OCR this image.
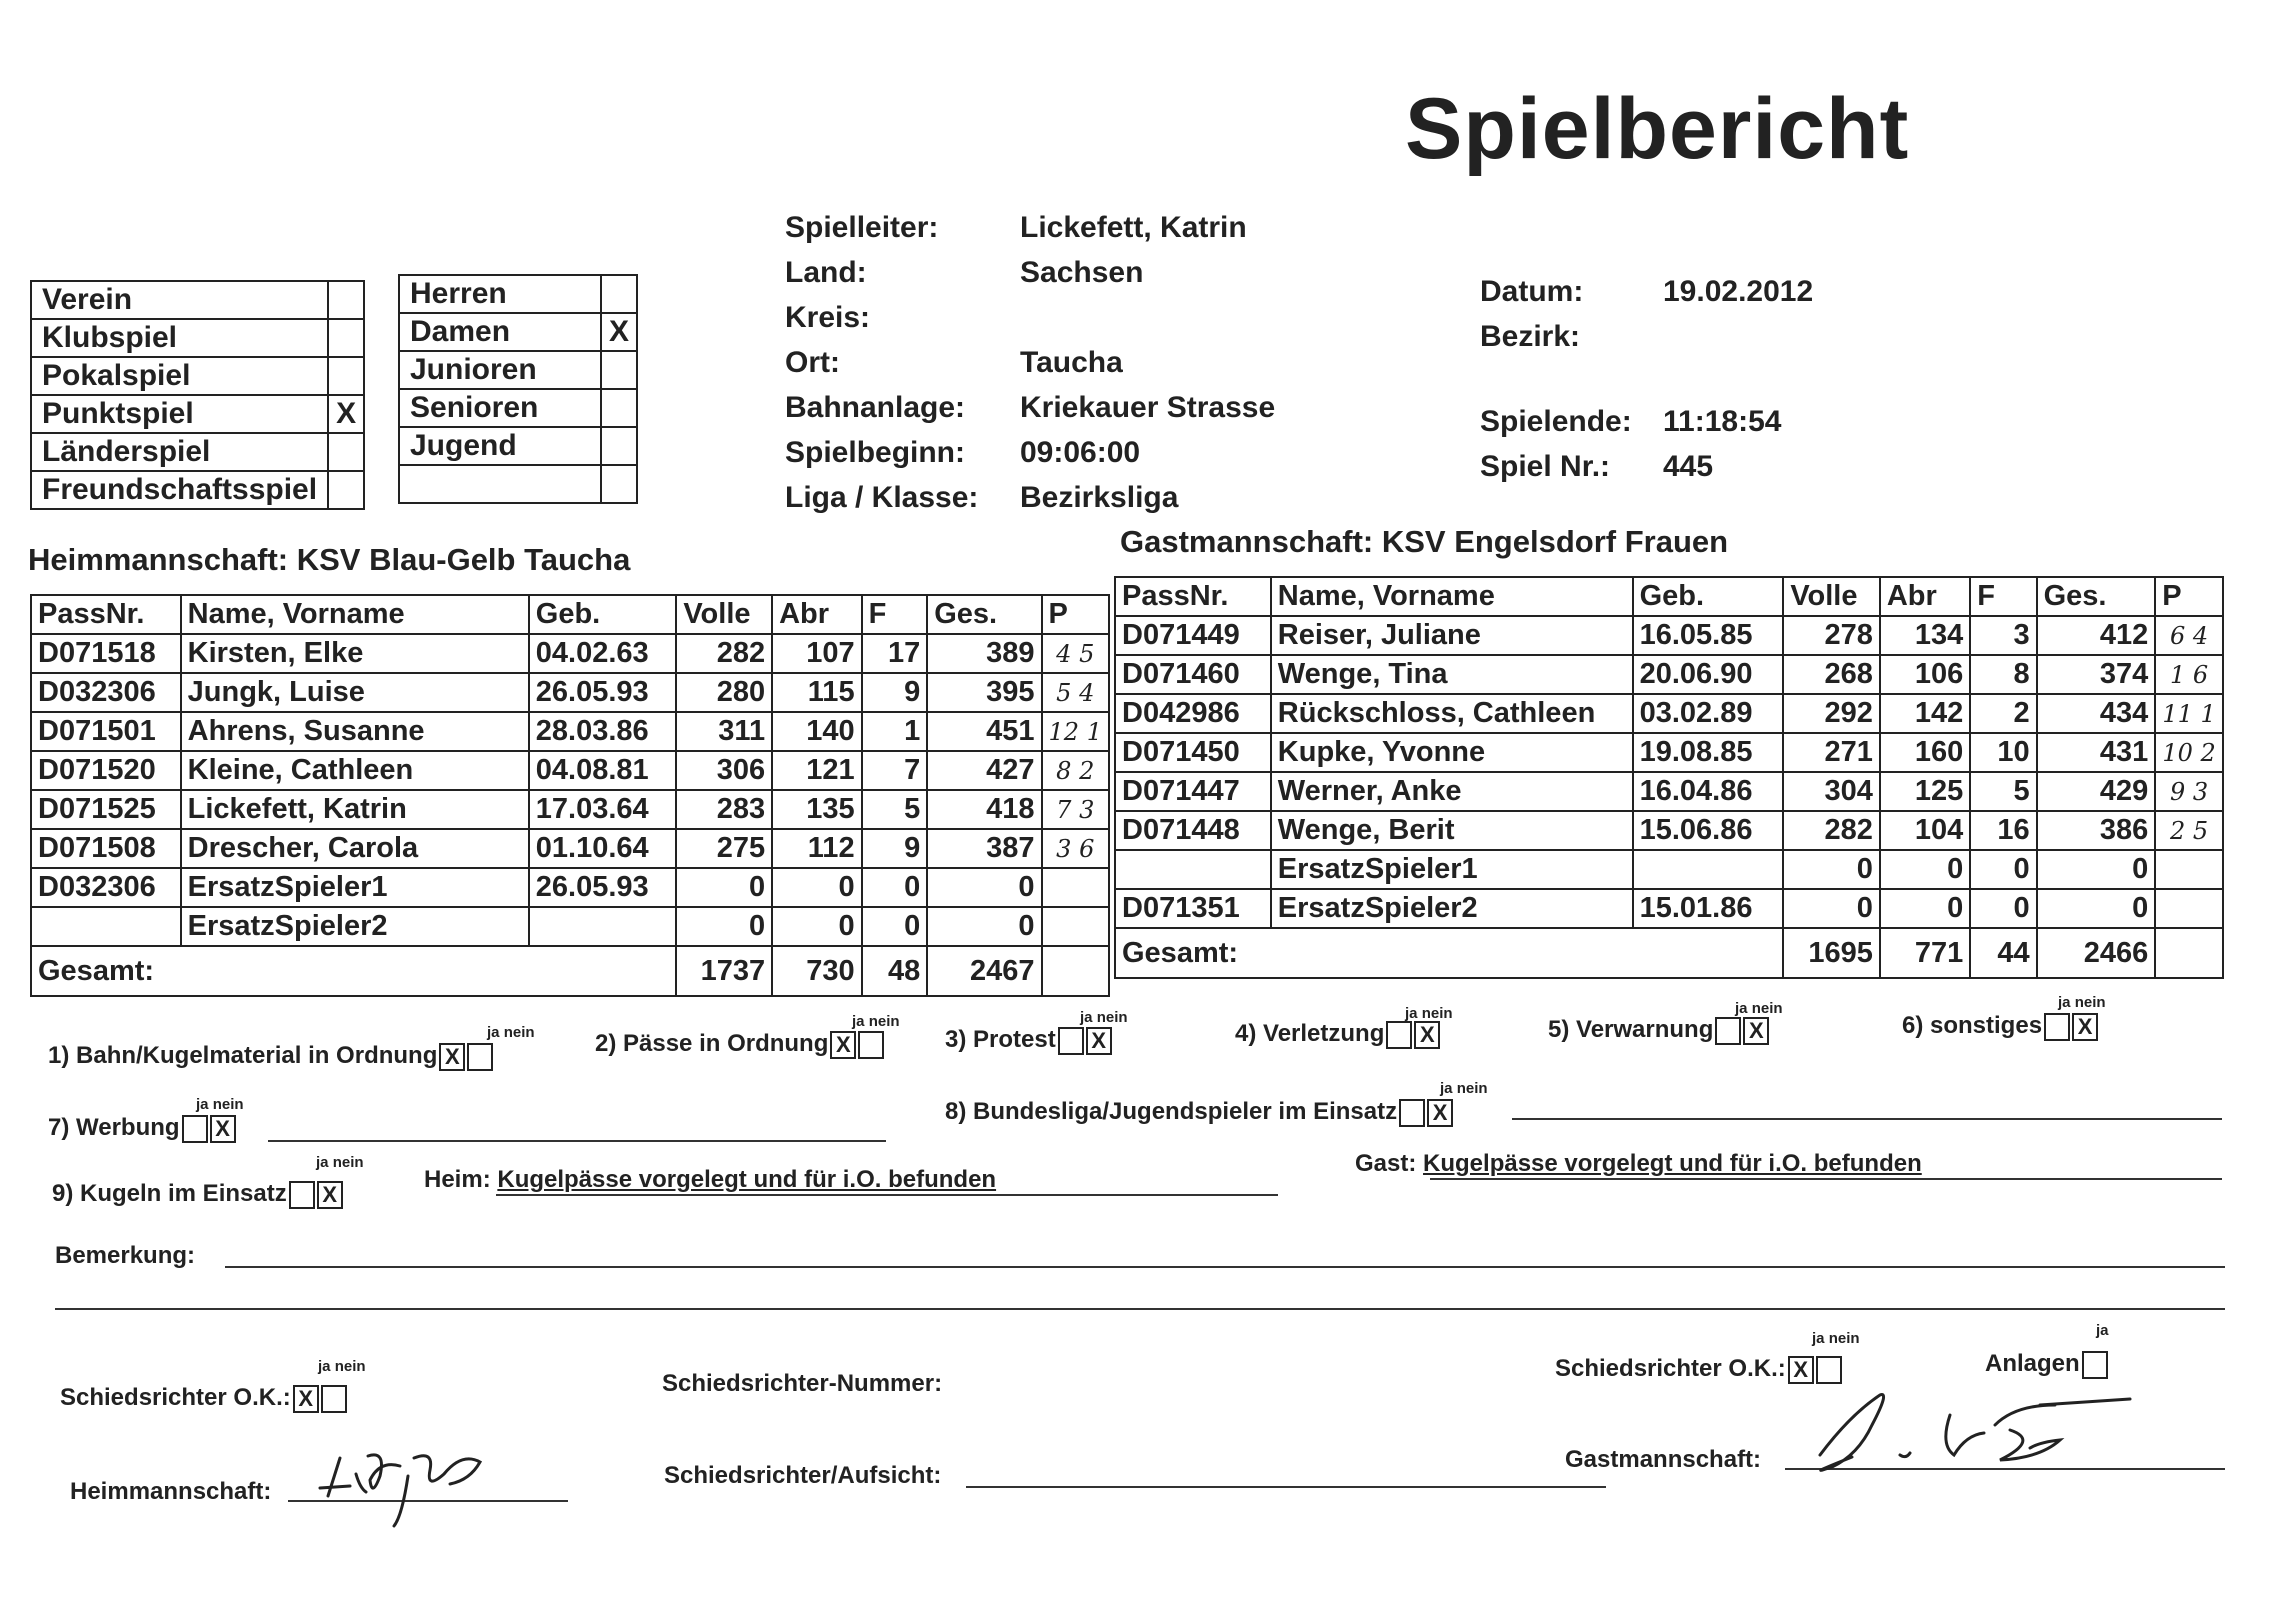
Spielbericht
Verein	
Klubspiel	
Pokalspiel	
Punktspiel	X
Länderspiel	
Freundschaftsspiel	
Herren	
Damen	X
Junioren	
Senioren	
Jugend	

Spielleiter:	Lickefett, Katrin
Land:	Sachsen
Kreis:
Ort:	Taucha
Bahnanlage: Kriekauer Strasse
Spielbeginn: 09:06:00
Liga / Klasse: Bezirksliga
Datum:	19.02.2012
Bezirk:
Spielende: 11:18:54
Spiel Nr.: 445
Heimmannschaft: KSV Blau-Gelb Taucha
Gastmannschaft: KSV Engelsdorf Frauen
PassNr.	Name, Vorname	Geb.	Volle	Abr	F	Ges.	P
D071518	Kirsten, Elke	04.02.63	282	107	17	389	4 5
D032306	Jungk, Luise	26.05.93	280	115	9	395	5 4
D071501	Ahrens, Susanne	28.03.86	311	140	1	451	12 1
D071520	Kleine, Cathleen	04.08.81	306	121	7	427	8 2
D071525	Lickefett, Katrin	17.03.64	283	135	5	418	7 3
D071508	Drescher, Carola	01.10.64	275	112	9	387	3 6
D032306	ErsatzSpieler1	26.05.93	0	0	0	0	
	ErsatzSpieler2		0	0	0	0	
Gesamt:			1737	730	48	2467	
PassNr.	Name, Vorname	Geb.	Volle	Abr	F	Ges.	P
D071449	Reiser, Juliane	16.05.85	278	134	3	412	6 4
D071460	Wenge, Tina	20.06.90	268	106	8	374	1 6
D042986	Rückschloss, Cathleen	03.02.89	292	142	2	434	11 1
D071450	Kupke, Yvonne	19.08.85	271	160	10	431	10 2
D071447	Werner, Anke	16.04.86	304	125	5	429	9 3
D071448	Wenge, Berit	15.06.86	282	104	16	386	2 5
	ErsatzSpieler1		0	0	0	0	
D071351	ErsatzSpieler2	15.01.86	0	0	0	0	
Gesamt:			1695	771	44	2466	
1) Bahn/Kugelmaterial in Ordnung X
ja nein	2) Pässe in Ordnung X
ja nein
3) Protest X
ja nein
4) Verletzung X
ja nein
5) Verwarnung X
ja nein
6) sonstiges X
ja nein
7) Werbung X
ja nein	8) Bundesliga/Jugendspieler im Einsatz X
ja nein
9) Kugeln im Einsatz X
ja nein
Heim: Kugelpässe vorgelegt und für i.O. befunden
Gast: Kugelpässe vorgelegt und für i.O. befunden
Bemerkung:
Schiedsrichter O.K.: X
ja nein
Schiedsrichter-Nummer:
Schiedsrichter O.K.: X
ja nein
Anlagen
ja
Heimmannschaft:
Schiedsrichter/Aufsicht:
Gastmannschaft:
